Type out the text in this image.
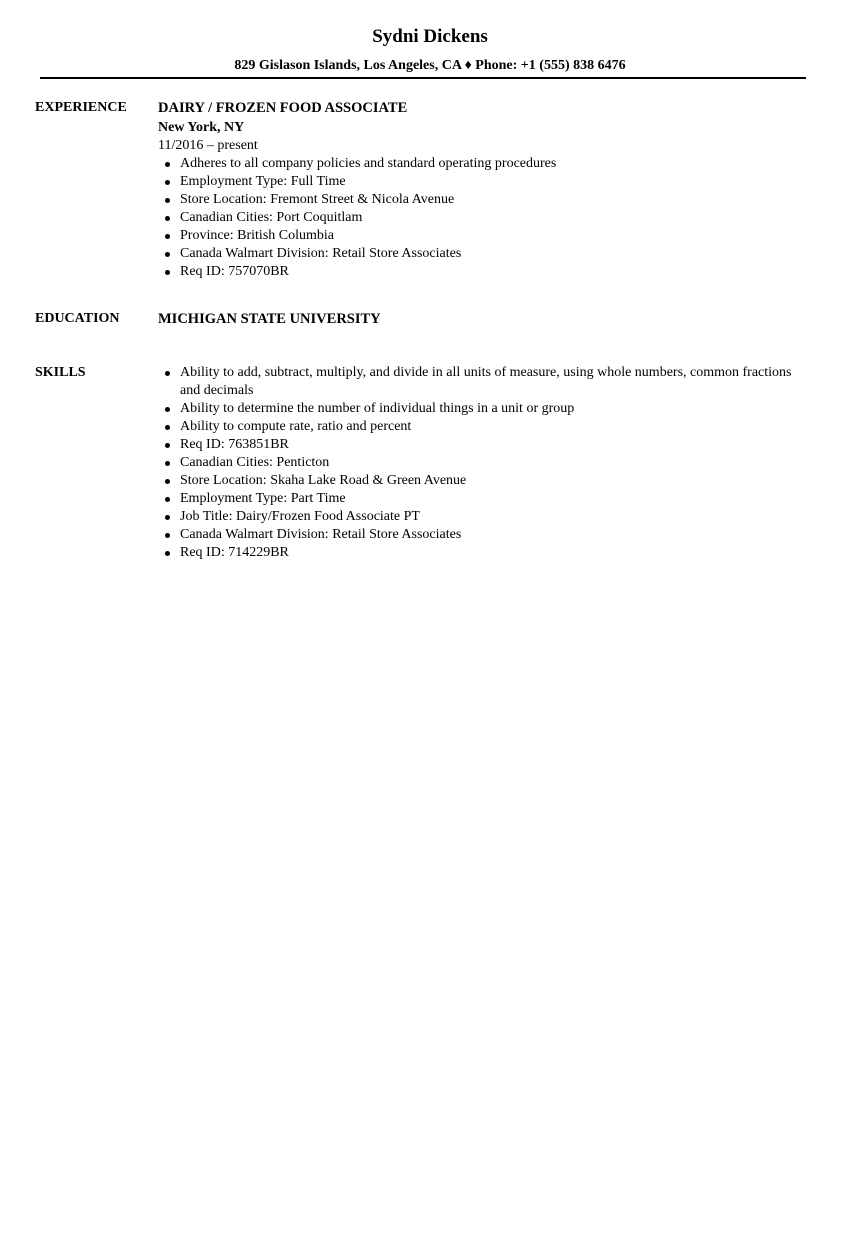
Sydni Dickens
829 Gislason Islands, Los Angeles, CA ♦ Phone: +1 (555) 838 6476
EXPERIENCE	DAIRY / FROZEN FOOD ASSOCIATE
New York, NY
11/2016 – present
Adheres to all company policies and standard operating procedures
Employment Type: Full Time
Store Location: Fremont Street & Nicola Avenue
Canadian Cities: Port Coquitlam
Province: British Columbia
Canada Walmart Division: Retail Store Associates
Req ID: 757070BR
EDUCATION	MICHIGAN STATE UNIVERSITY
SKILLS	Ability to add, subtract, multiply, and divide in all units of measure, using whole numbers, common fractions and decimals
Ability to determine the number of individual things in a unit or group
Ability to compute rate, ratio and percent
Req ID: 763851BR
Canadian Cities: Penticton
Store Location: Skaha Lake Road & Green Avenue
Employment Type: Part Time
Job Title: Dairy/Frozen Food Associate PT
Canada Walmart Division: Retail Store Associates
Req ID: 714229BR
